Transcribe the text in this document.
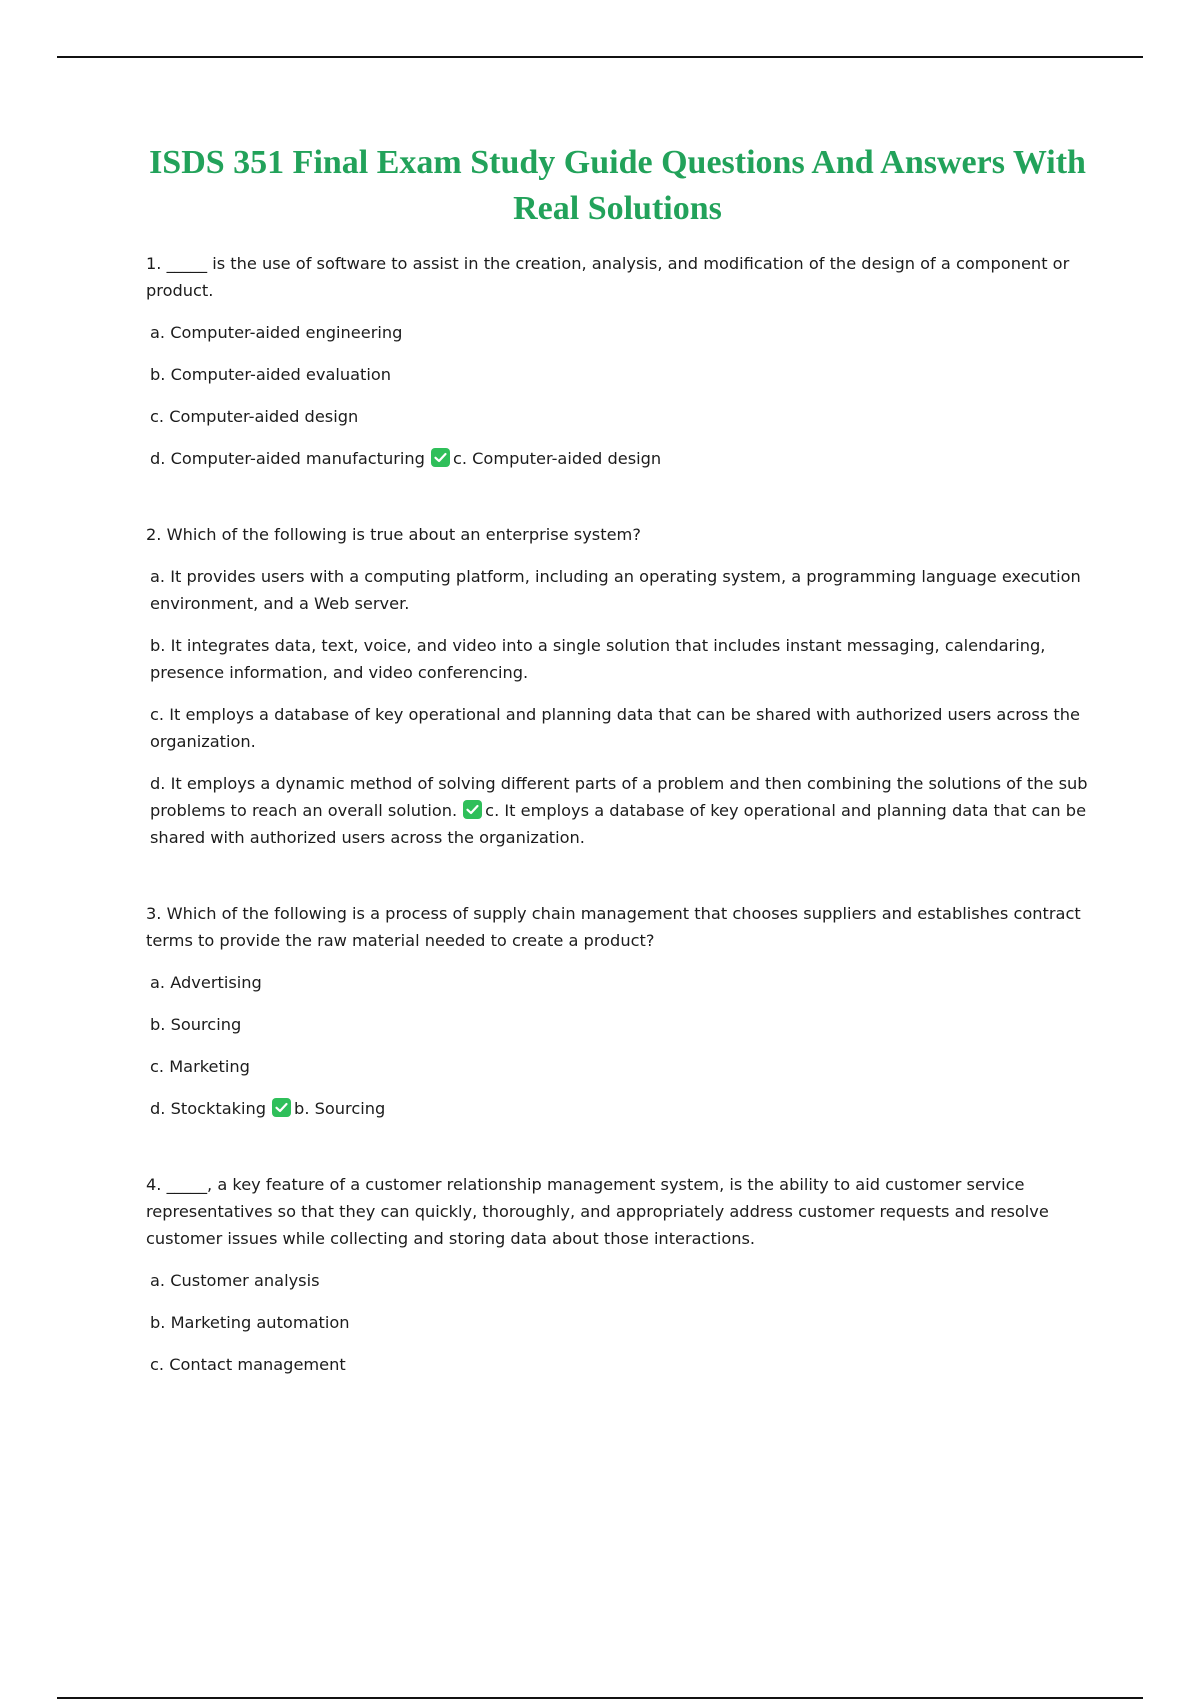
ISDS 351 Final Exam Study Guide Questions And Answers With Real Solutions

1. _____ is the use of software to assist in the creation, analysis, and modification of the design of a component or product.

a. Computer-aided engineering

b. Computer-aided evaluation

c. Computer-aided design

d. Computer-aided manufacturing c. Computer-aided design

2. Which of the following is true about an enterprise system?

a. It provides users with a computing platform, including an operating system, a programming language execution environment, and a Web server.

b. It integrates data, text, voice, and video into a single solution that includes instant messaging, calendaring, presence information, and video conferencing.

c. It employs a database of key operational and planning data that can be shared with authorized users across the organization.

d. It employs a dynamic method of solving different parts of a problem and then combining the solutions of the sub problems to reach an overall solution. c. It employs a database of key operational and planning data that can be shared with authorized users across the organization.

3. Which of the following is a process of supply chain management that chooses suppliers and establishes contract terms to provide the raw material needed to create a product?

a. Advertising

b. Sourcing

c. Marketing

d. Stocktaking b. Sourcing

4. _____, a key feature of a customer relationship management system, is the ability to aid customer service representatives so that they can quickly, thoroughly, and appropriately address customer requests and resolve customer issues while collecting and storing data about those interactions.

a. Customer analysis

b. Marketing automation

c. Contact management
